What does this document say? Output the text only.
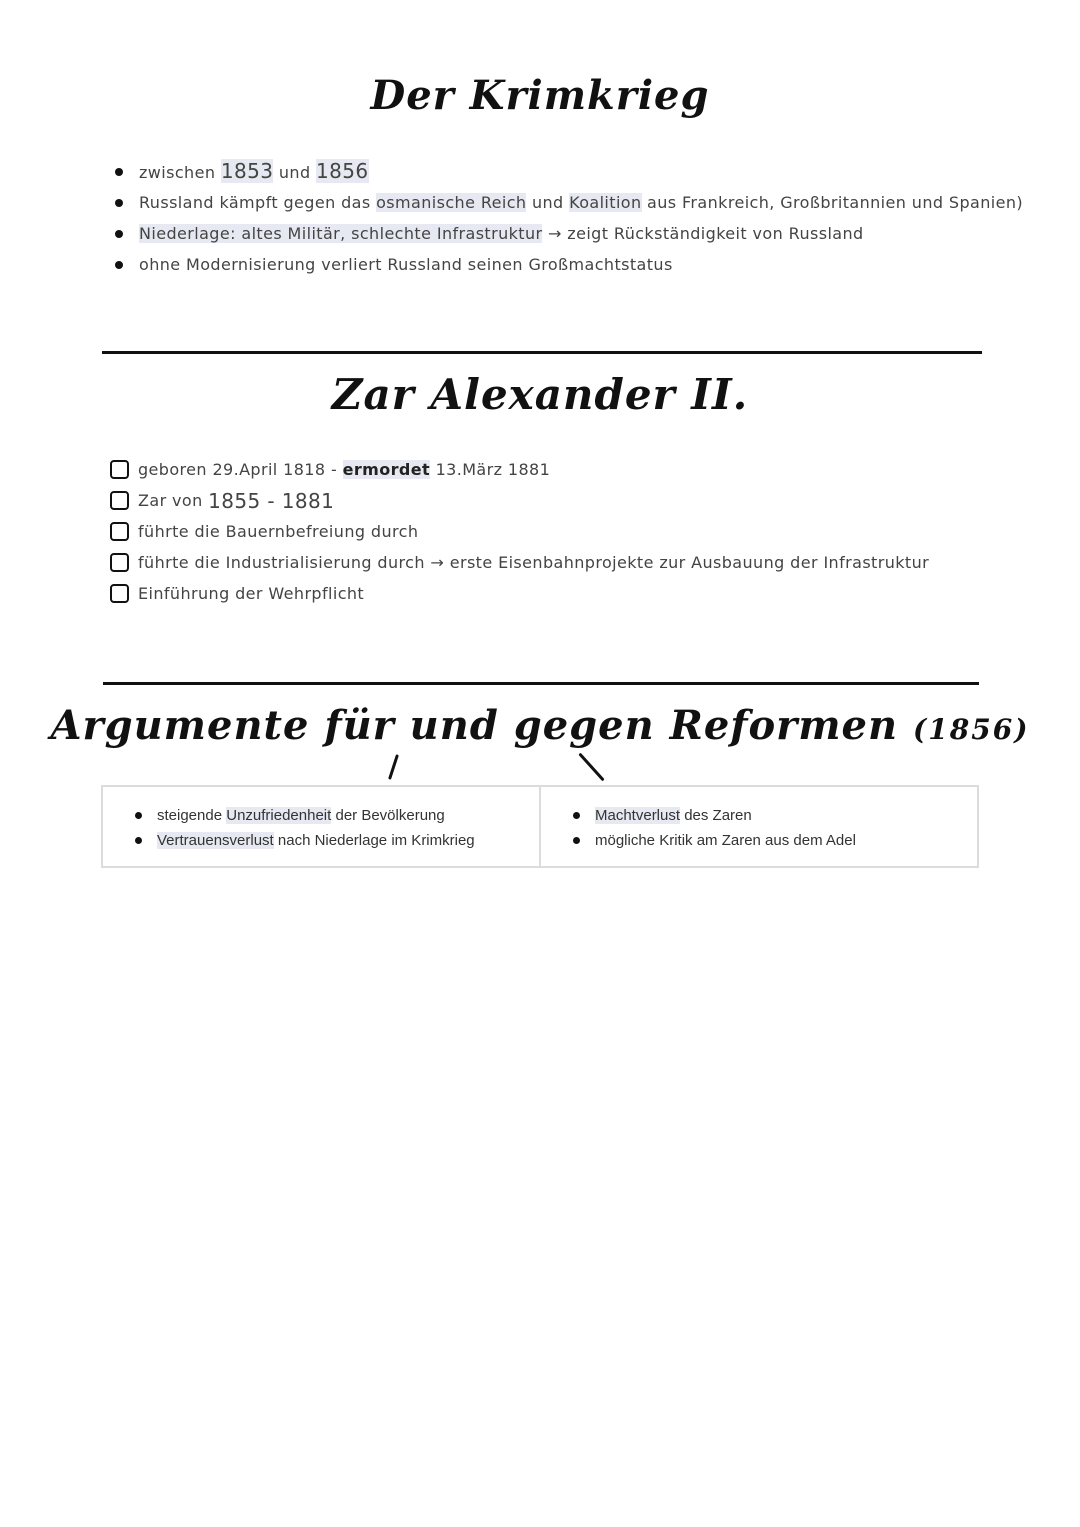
Der Krimkrieg
zwischen 1853 und 1856
Russland kämpft gegen das osmanische Reich und Koalition aus Frankreich, Großbritannien und Spanien)
Niederlage: altes Militär, schlechte Infrastruktur → zeigt Rückständigkeit von Russland
ohne Modernisierung verliert Russland seinen Großmachtstatus
Zar Alexander II.
geboren 29.April 1818 -
ermordet
13.März 1881
Zar von
1855 - 1881
führte die Bauernbefreiung durch
führte die Industrialisierung durch
→
erste Eisenbahnprojekte zur Ausbauung der Infrastruktur
Einführung der Wehrpflicht
Argumente für und gegen Reformen (1856)
steigende Unzufriedenheit der Bevölkerung
Vertrauensverlust nach Niederlage im Krimkrieg
Machtverlust des Zaren
mögliche Kritik am Zaren aus dem Adel
